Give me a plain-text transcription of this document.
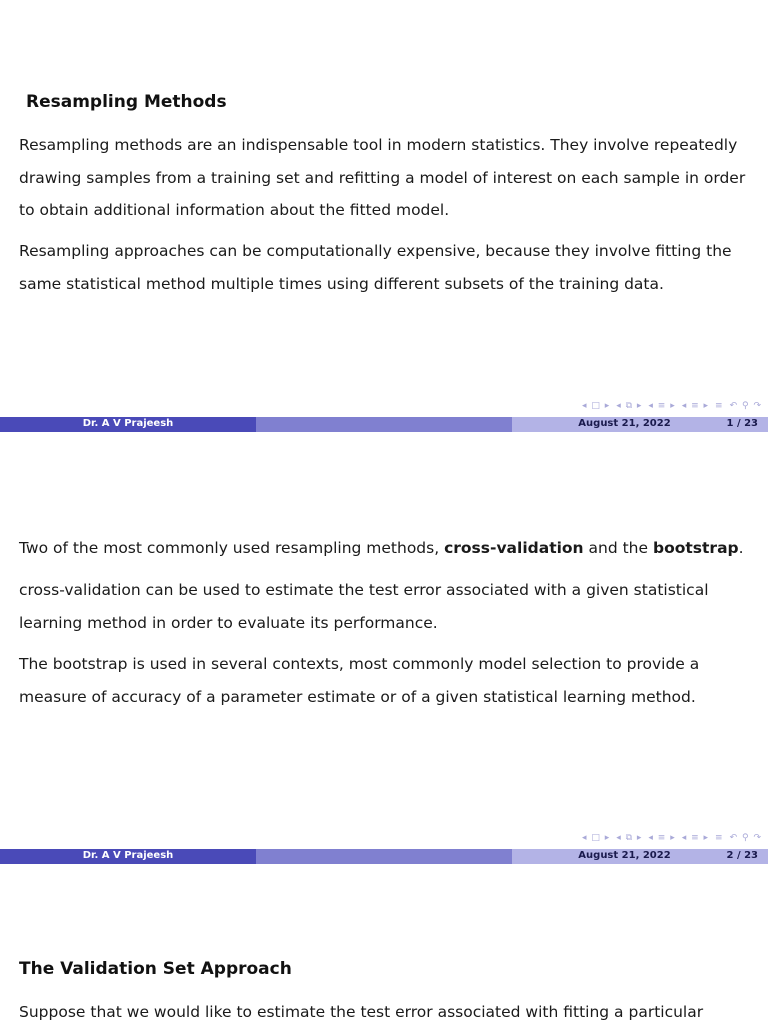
Resampling Methods

Resampling methods are an indispensable tool in modern statistics. They involve repeatedly drawing samples from a training set and refitting a model of interest on each sample in order to obtain additional information about the fitted model.

Resampling approaches can be computationally expensive, because they involve fitting the same statistical method multiple times using different subsets of the training data.

◂ □ ▸ ◂ ⧉ ▸ ◂ ≡ ▸ ◂ ≡ ▸ ≡ ↶ ⚲ ↷
Dr. A V Prajeesh	August 21, 2022	1 / 23

Two of the most commonly used resampling methods, cross-validation and the bootstrap.

cross-validation can be used to estimate the test error associated with a given statistical learning method in order to evaluate its performance.

The bootstrap is used in several contexts, most commonly model selection to provide a measure of accuracy of a parameter estimate or of a given statistical learning method.

◂ □ ▸ ◂ ⧉ ▸ ◂ ≡ ▸ ◂ ≡ ▸ ≡ ↶ ⚲ ↷
Dr. A V Prajeesh	August 21, 2022	2 / 23
The Validation Set Approach

Suppose that we would like to estimate the test error associated with fitting a particular
